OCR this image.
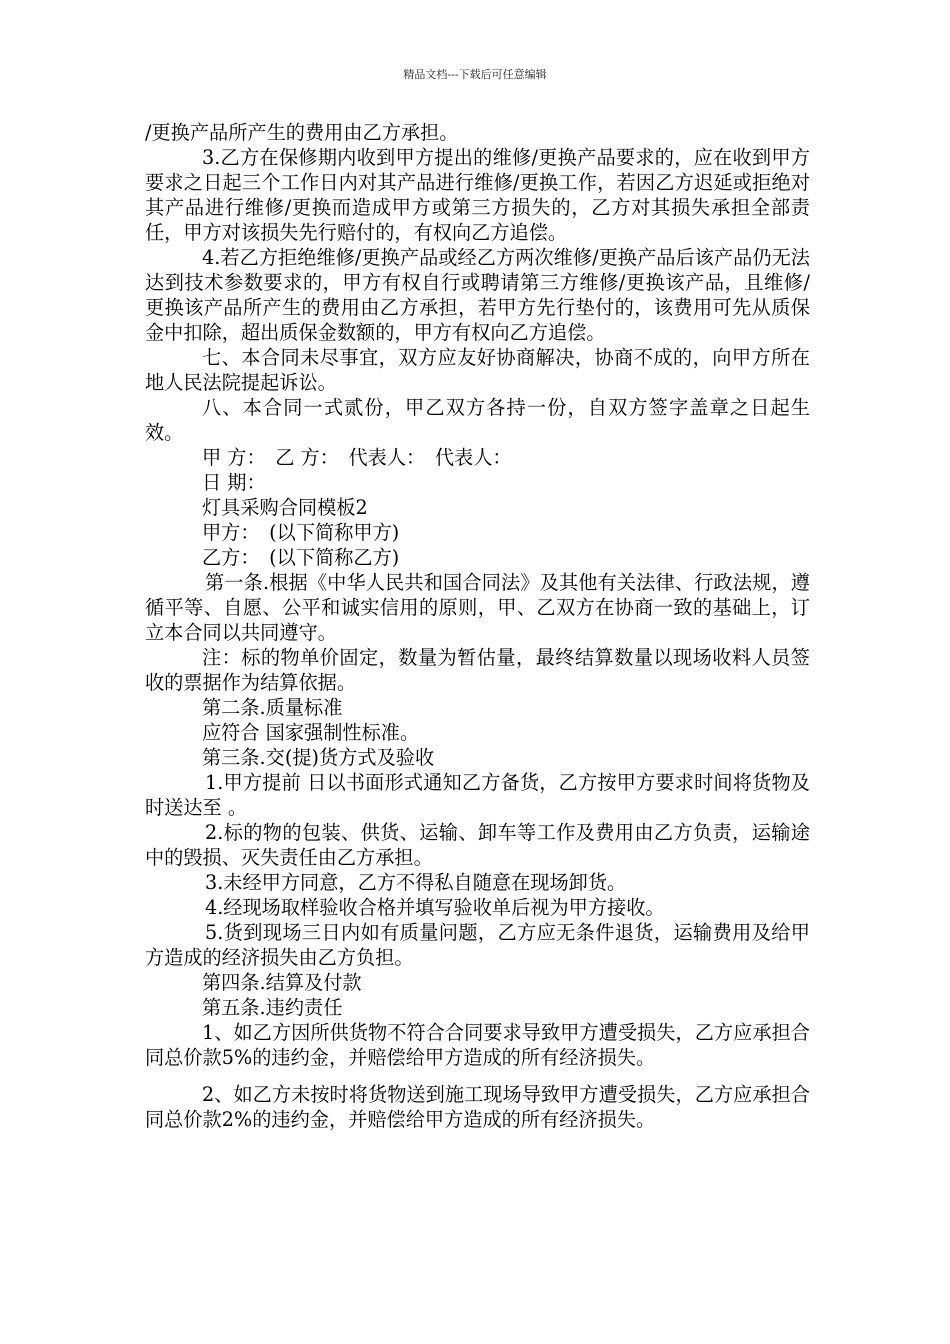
精品文档---下载后可任意编辑

/更换产品所产生的费用由乙方承担。

3.乙方在保修期内收到甲方提出的维修/更换产品要求的，应在收到甲方要求之日起三个工作日内对其产品进行维修/更换工作，若因乙方迟延或拒绝对其产品进行维修/更换而造成甲方或第三方损失的，乙方对其损失承担全部责任，甲方对该损失先行赔付的，有权向乙方追偿。

4.若乙方拒绝维修/更换产品或经乙方两次维修/更换产品后该产品仍无法达到技术参数要求的，甲方有权自行或聘请第三方维修/更换该产品，且维修/更换该产品所产生的费用由乙方承担，若甲方先行垫付的，该费用可先从质保金中扣除，超出质保金数额的，甲方有权向乙方追偿。

七、本合同未尽事宜，双方应友好协商解决，协商不成的，向甲方所在地人民法院提起诉讼。

八、本合同一式贰份，甲乙双方各持一份，自双方签字盖章之日起生效。

甲 方：　乙 方：　代表人：　代表人：

日 期：

灯具采购合同模板2

甲方：　(以下简称甲方)

乙方：　(以下简称乙方)

第一条.根据《中华人民共和国合同法》及其他有关法律、行政法规，遵循平等、自愿、公平和诚实信用的原则，甲、乙双方在协商一致的基础上，订立本合同以共同遵守。

注：标的物单价固定，数量为暂估量，最终结算数量以现场收料人员签收的票据作为结算依据。

第二条.质量标准

应符合 国家强制性标准。

第三条.交(提)货方式及验收

1.甲方提前 日以书面形式通知乙方备货，乙方按甲方要求时间将货物及时送达至 。

2.标的物的包装、供货、运输、卸车等工作及费用由乙方负责，运输途中的毁损、灭失责任由乙方承担。

3.未经甲方同意，乙方不得私自随意在现场卸货。

4.经现场取样验收合格并填写验收单后视为甲方接收。

5.货到现场三日内如有质量问题，乙方应无条件退货，运输费用及给甲方造成的经济损失由乙方负担。

第四条.结算及付款

第五条.违约责任

1、如乙方因所供货物不符合合同要求导致甲方遭受损失，乙方应承担合同总价款5%的违约金，并赔偿给甲方造成的所有经济损失。

2、如乙方未按时将货物送到施工现场导致甲方遭受损失，乙方应承担合同总价款2%的违约金，并赔偿给甲方造成的所有经济损失。
